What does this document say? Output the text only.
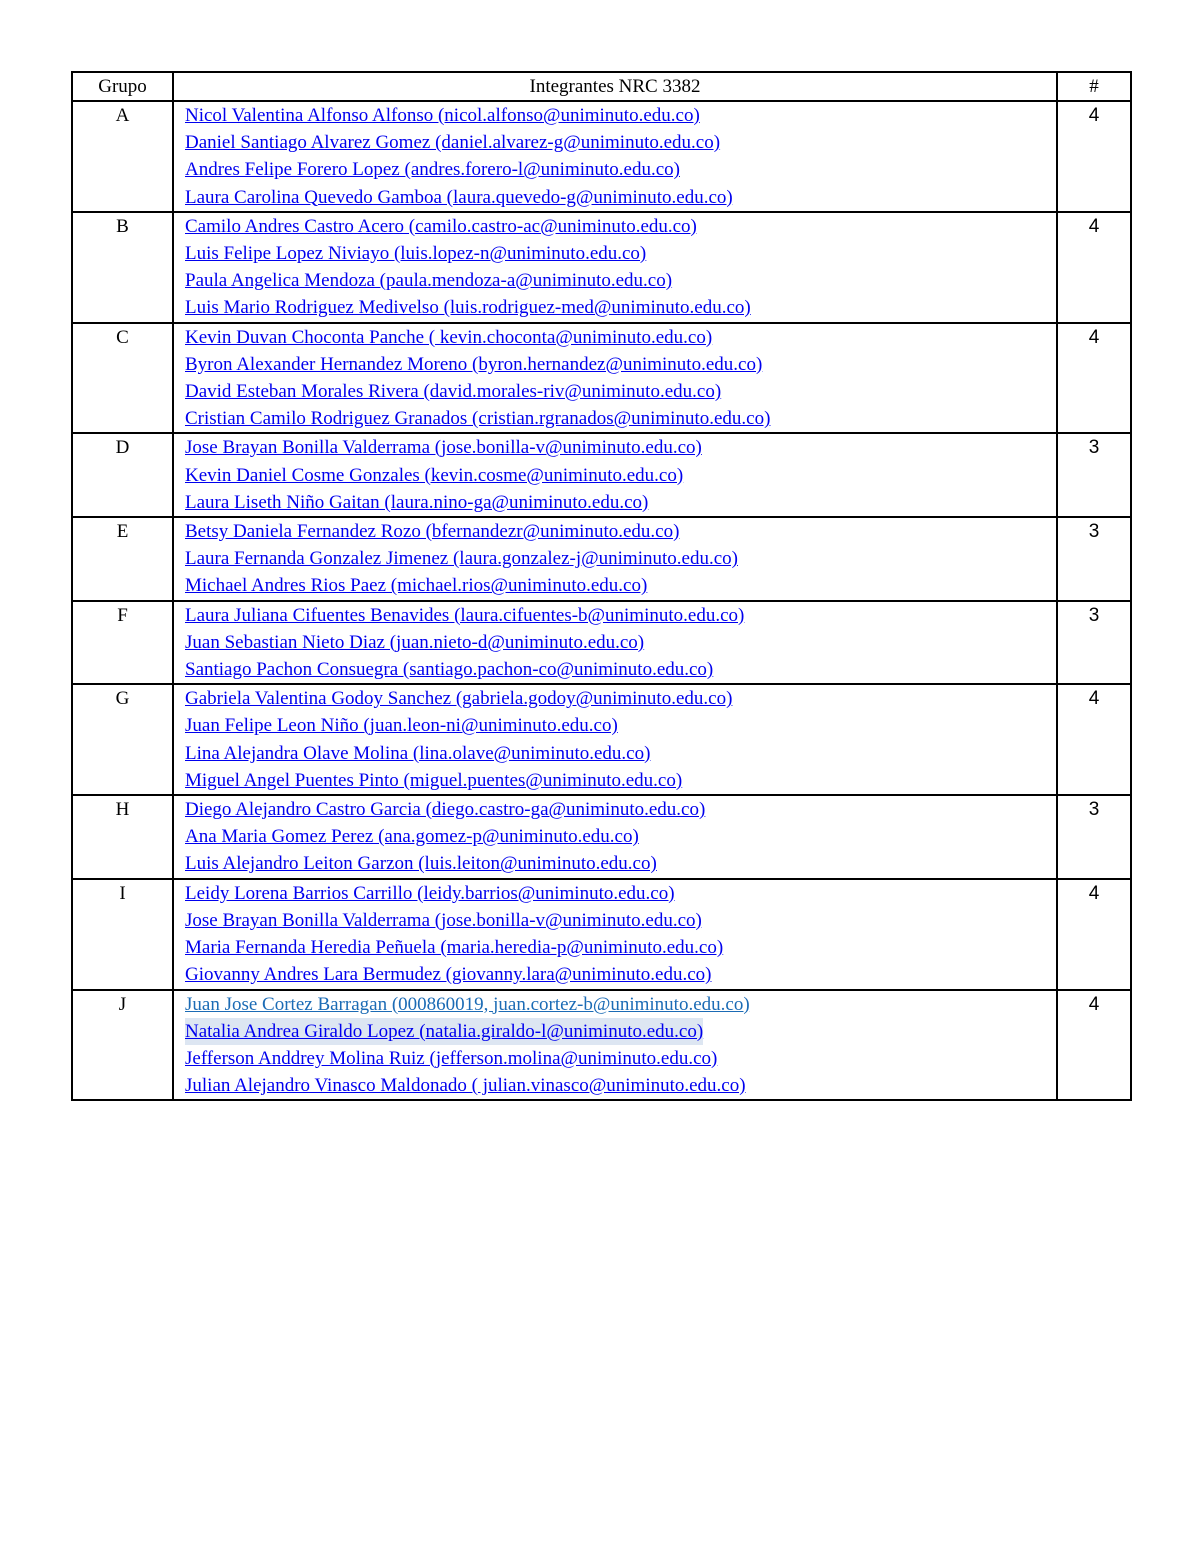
Grupo	Integrantes NRC 3382	#
A	Nicol Valentina Alfonso Alfonso (nicol.alfonso@uniminuto.edu.co)
Daniel Santiago Alvarez Gomez (daniel.alvarez-g@uniminuto.edu.co)
Andres Felipe Forero Lopez (andres.forero-l@uniminuto.edu.co)
Laura Carolina Quevedo Gamboa (laura.quevedo-g@uniminuto.edu.co)	4
B	Camilo Andres Castro Acero (camilo.castro-ac@uniminuto.edu.co)
Luis Felipe Lopez Niviayo (luis.lopez-n@uniminuto.edu.co)
Paula Angelica Mendoza (paula.mendoza-a@uniminuto.edu.co)
Luis Mario Rodriguez Medivelso (luis.rodriguez-med@uniminuto.edu.co)	4
C	Kevin Duvan Choconta Panche ( kevin.choconta@uniminuto.edu.co)
Byron Alexander Hernandez Moreno (byron.hernandez@uniminuto.edu.co)
David Esteban Morales Rivera (david.morales-riv@uniminuto.edu.co)
Cristian Camilo Rodriguez Granados (cristian.rgranados@uniminuto.edu.co)	4
D	Jose Brayan Bonilla Valderrama (jose.bonilla-v@uniminuto.edu.co)
Kevin Daniel Cosme Gonzales (kevin.cosme@uniminuto.edu.co)
Laura Liseth Niño Gaitan (laura.nino-ga@uniminuto.edu.co)	3
E	Betsy Daniela Fernandez Rozo (bfernandezr@uniminuto.edu.co)
Laura Fernanda Gonzalez Jimenez (laura.gonzalez-j@uniminuto.edu.co)
Michael Andres Rios Paez (michael.rios@uniminuto.edu.co)	3
F	Laura Juliana Cifuentes Benavides (laura.cifuentes-b@uniminuto.edu.co)
Juan Sebastian Nieto Diaz (juan.nieto-d@uniminuto.edu.co)
Santiago Pachon Consuegra (santiago.pachon-co@uniminuto.edu.co)	3
G	Gabriela Valentina Godoy Sanchez (gabriela.godoy@uniminuto.edu.co)
Juan Felipe Leon Niño (juan.leon-ni@uniminuto.edu.co)
Lina Alejandra Olave Molina (lina.olave@uniminuto.edu.co)
Miguel Angel Puentes Pinto (miguel.puentes@uniminuto.edu.co)	4
H	Diego Alejandro Castro Garcia (diego.castro-ga@uniminuto.edu.co)
Ana Maria Gomez Perez (ana.gomez-p@uniminuto.edu.co)
Luis Alejandro Leiton Garzon (luis.leiton@uniminuto.edu.co)	3
I	Leidy Lorena Barrios Carrillo (leidy.barrios@uniminuto.edu.co)
Jose Brayan Bonilla Valderrama (jose.bonilla-v@uniminuto.edu.co)
Maria Fernanda Heredia Peñuela (maria.heredia-p@uniminuto.edu.co)
Giovanny Andres Lara Bermudez (giovanny.lara@uniminuto.edu.co)	4
J	Juan Jose Cortez Barragan (000860019, juan.cortez-b@uniminuto.edu.co)
Natalia Andrea Giraldo Lopez (natalia.giraldo-l@uniminuto.edu.co)
Jefferson Anddrey Molina Ruiz (jefferson.molina@uniminuto.edu.co)
Julian Alejandro Vinasco Maldonado ( julian.vinasco@uniminuto.edu.co)	4
